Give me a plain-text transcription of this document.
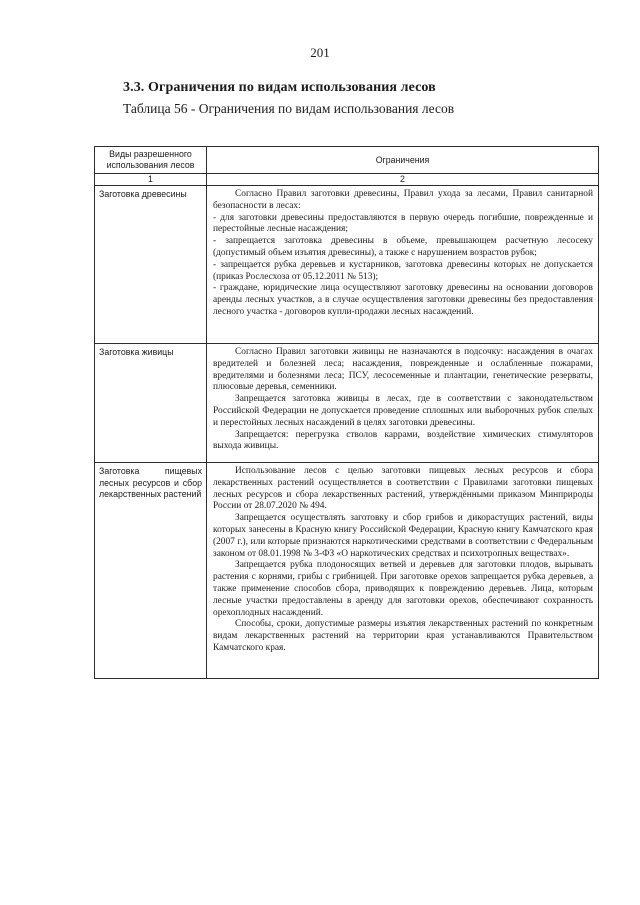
201
3.3. Ограничения по видам использования лесов
Таблица 56 - Ограничения по видам использования лесов
Виды разрешенного использования лесов	Ограничения
1	2
Заготовка древесины	Согласно Правил заготовки древесины, Правил ухода за лесами, Правил санитарной безопасности в лесах:

- для заготовки древесины предоставляются в первую очередь погибшие, поврежденные и перестойные лесные насаждения;

- запрещается заготовка древесины в объеме, превышающем расчетную лесосеку (допустимый объем изъятия древесины), а также с нарушением возрастов рубок;

- запрещается рубка деревьев и кустарников, заготовка древесины которых не допускается (приказ Рослесхоза от 05.12.2011 № 513);

- граждане, юридические лица осуществляют заготовку древесины на основании договоров аренды лесных участков, а в случае осуществления заготовки древесины без предоставления лесного участка - договоров купли-продажи лесных насаждений.

Заготовка живицы	Согласно Правил заготовки живицы не назначаются в подсочку: насаждения в очагах вредителей и болезней леса; насаждения, поврежденные и ослабленные пожарами, вредителями и болезнями леса; ПСУ, лесосеменные и плантации, генетические резерваты, плюсовые деревья, семенники.

Запрещается заготовка живицы в лесах, где в соответствии с законодательством Российской Федерации не допускается проведение сплошных или выборочных рубок спелых и перестойных лесных насаждений в целях заготовки древесины.

Запрещается: перегрузка стволов каррами, воздействие химических стимуляторов выхода живицы.

Заготовка пищевых лесных ресурсов и сбор лекарственных растений	Использование лесов с целью заготовки пищевых лесных ресурсов и сбора лекарственных растений осуществляется в соответствии с Правилами заготовки пищевых лесных ресурсов и сбора лекарственных растений, утверждёнными приказом Минприроды России от 28.07.2020 № 494.

Запрещается осуществлять заготовку и сбор грибов и дикорастущих растений, виды которых занесены в Красную книгу Российской Федерации, Красную книгу Камчатского края (2007 г.), или которые признаются наркотическими средствами в соответствии с Федеральным законом от 08.01.1998 № 3-ФЗ «О наркотических средствах и психотропных веществах».

Запрещается рубка плодоносящих ветвей и деревьев для заготовки плодов, вырывать растения с корнями, грибы с грибницей. При заготовке орехов запрещается рубка деревьев, а также применение способов сбора, приводящих к повреждению деревьев. Лица, которым лесные участки предоставлены в аренду для заготовки орехов, обеспечивают сохранность орехоплодных насаждений.

Способы, сроки, допустимые размеры изъятия лекарственных растений по конкретным видам лекарственных растений на территории края устанавливаются Правительством Камчатского края.
